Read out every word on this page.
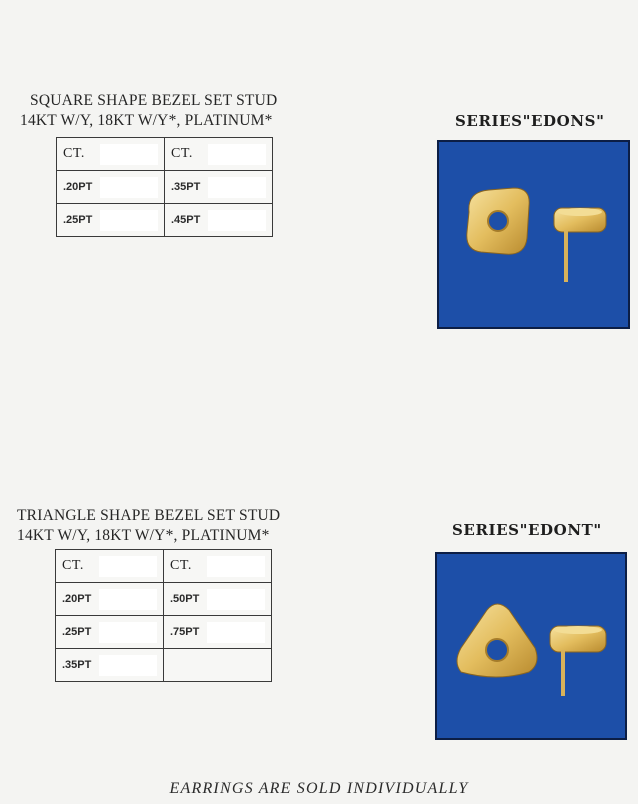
SQUARE SHAPE BEZEL SET STUD
14KT W/Y, 18KT W/Y*, PLATINUM*
CT.	CT.

.20PT	.35PT

.25PT	.45PT
SERIES"EDONS"
TRIANGLE SHAPE BEZEL SET STUD
14KT W/Y, 18KT W/Y*, PLATINUM*
CT.	CT.

.20PT	.50PT

.25PT	.75PT

.35PT

SERIES"EDONT"
EARRINGS ARE SOLD INDIVIDUALLY
